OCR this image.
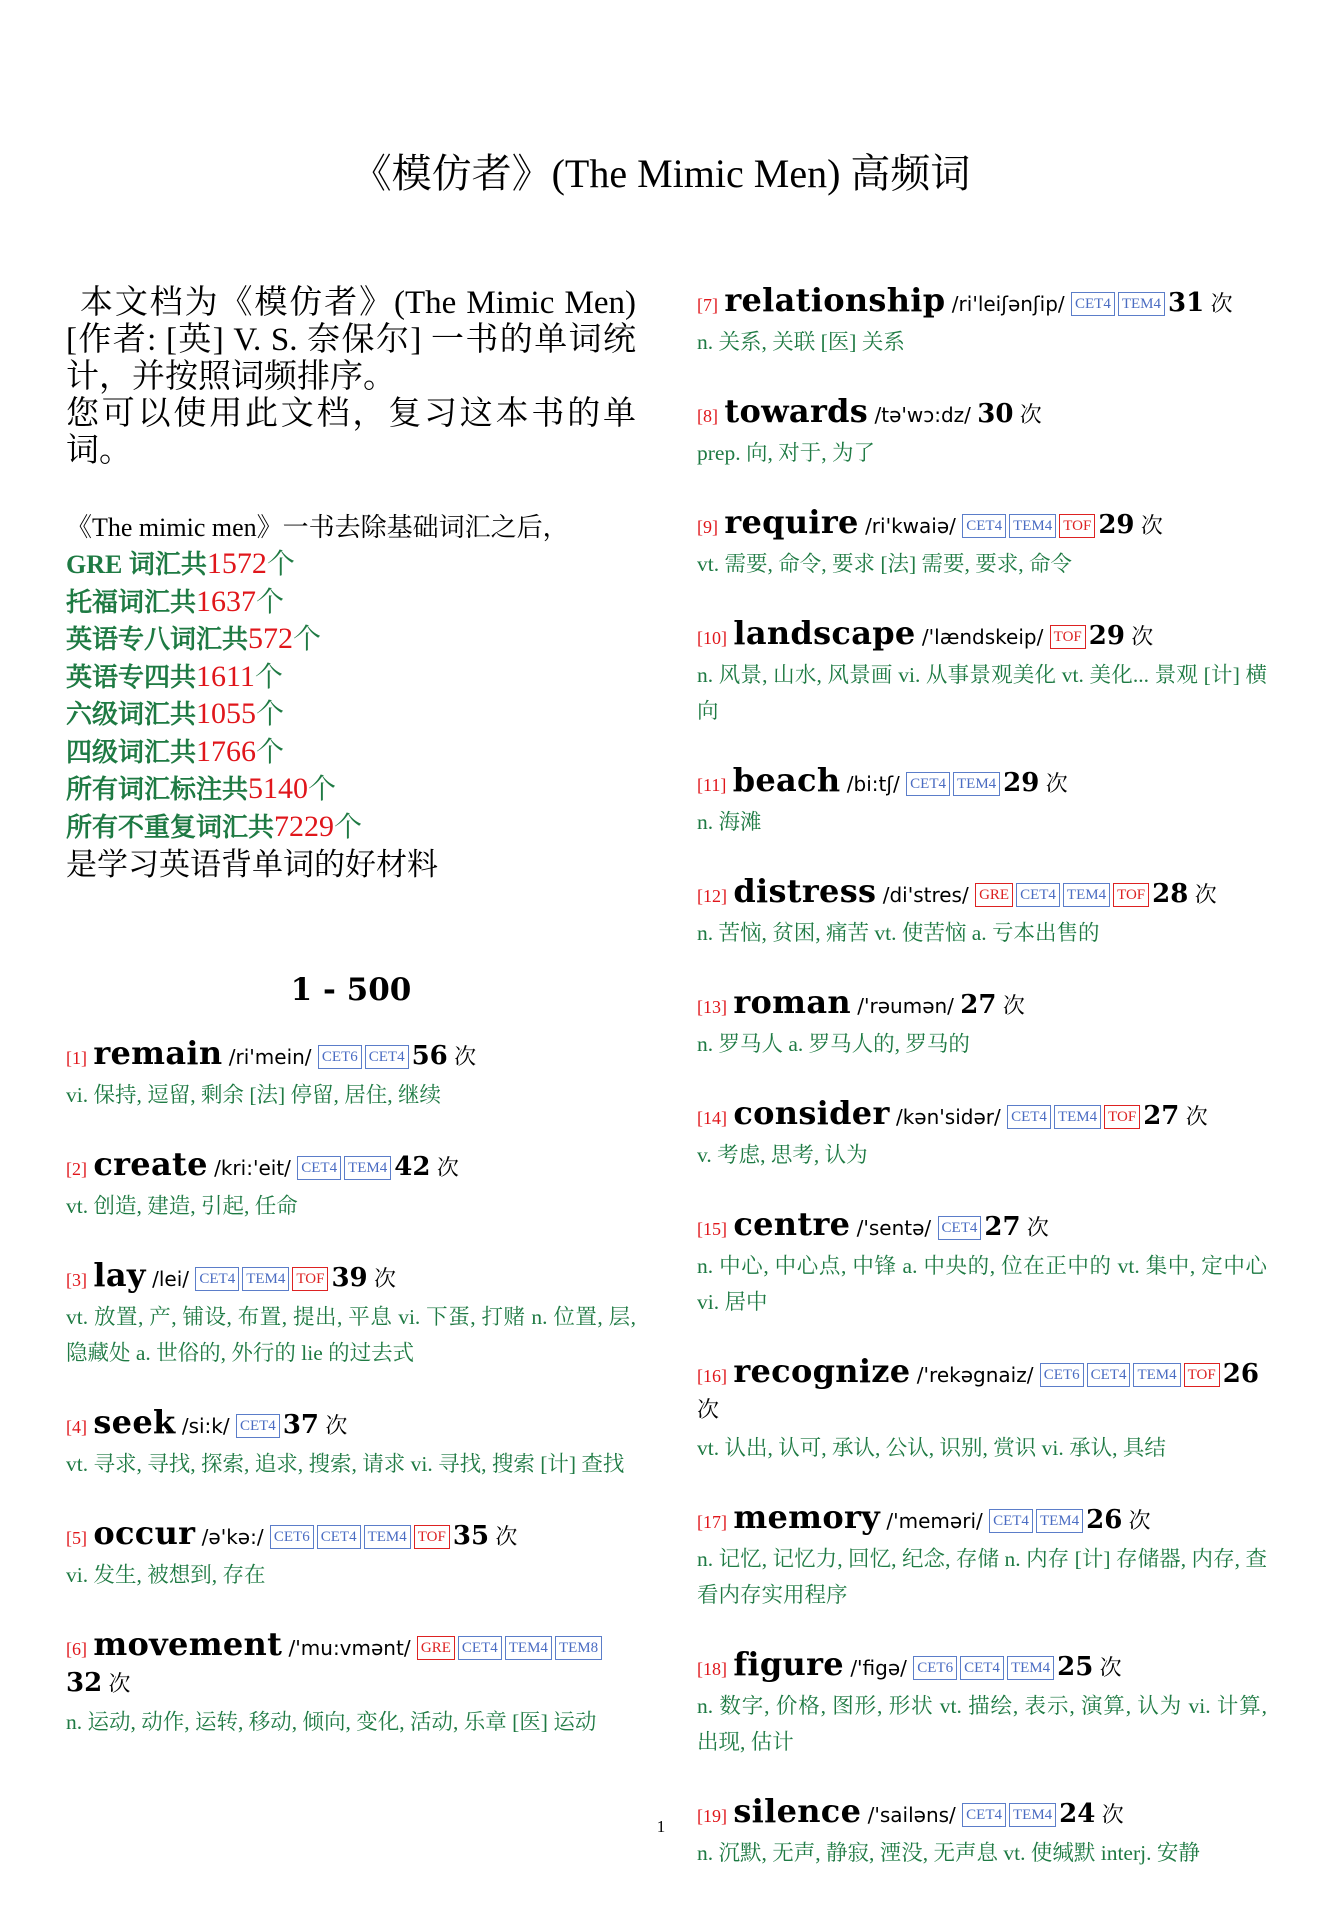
《模仿者》(The Mimic Men) 高频词

本文档为《模仿者》(The Mimic Men)[作者: [英] V. S. 奈保尔] 一书的单词统计，并按照词频排序。

您可以使用此文档，复习这本书的单词。

《The mimic men》一书去除基础词汇之后，
GRE 词汇共1572个
托福词汇共1637个
英语专八词汇共572个
英语专四共1611个
六级词汇共1055个
四级词汇共1766个
所有词汇标注共5140个
所有不重复词汇共7229个
是学习英语背单词的好材料
1 - 500
[1] remain /ri'mein/ CET6 CET4 56 次
vi. 保持, 逗留, 剩余 [法] 停留, 居住, 继续
[2] create /kri:'eit/ CET4 TEM4 42 次
vt. 创造, 建造, 引起, 任命
[3] lay /lei/ CET4 TEM4 TOF 39 次
vt. 放置, 产, 铺设, 布置, 提出, 平息 vi. 下蛋, 打赌 n. 位置, 层, 隐藏处 a. 世俗的, 外行的 lie 的过去式
[4] seek /si:k/ CET4 37 次
vt. 寻求, 寻找, 探索, 追求, 搜索, 请求 vi. 寻找, 搜索 [计] 查找
[5] occur /ə'kə:/ CET6 CET4 TEM4 TOF 35 次
vi. 发生, 被想到, 存在
[6] movement /'mu:vmənt/ GRE CET4 TEM4 TEM832 次
n. 运动, 动作, 运转, 移动, 倾向, 变化, 活动, 乐章 [医] 运动
[7] relationship /ri'leiʃənʃip/ CET4 TEM4 31 次
n. 关系, 关联 [医] 关系
[8] towards /tə'wɔ:dz/ 30 次
prep. 向, 对于, 为了
[9] require /ri'kwaiə/ CET4 TEM4 TOF 29 次
vt. 需要, 命令, 要求 [法] 需要, 要求, 命令
[10] landscape /'lændskeip/ TOF 29 次
n. 风景, 山水, 风景画 vi. 从事景观美化 vt. 美化... 景观 [计] 横向
[11] beach /bi:tʃ/ CET4 TEM4 29 次
n. 海滩
[12] distress /di'stres/ GRE CET4 TEM4 TOF 28 次
n. 苦恼, 贫困, 痛苦 vt. 使苦恼 a. 亏本出售的
[13] roman /'rəumən/ 27 次
n. 罗马人 a. 罗马人的, 罗马的
[14] consider /kən'sidər/ CET4 TEM4 TOF 27 次
v. 考虑, 思考, 认为
[15] centre /'sentə/ CET4 27 次
n. 中心, 中心点, 中锋 a. 中央的, 位在正中的 vt. 集中, 定中心 vi. 居中
[16] recognize /'rekəgnaiz/ CET6 CET4 TEM4 TOF 26 次
vt. 认出, 认可, 承认, 公认, 识别, 赏识 vi. 承认, 具结
[17] memory /'meməri/ CET4 TEM4 26 次
n. 记忆, 记忆力, 回忆, 纪念, 存储 n. 内存 [计] 存储器, 内存, 查看内存实用程序
[18] figure /'figə/ CET6 CET4 TEM4 25 次
n. 数字, 价格, 图形, 形状 vt. 描绘, 表示, 演算, 认为 vi. 计算, 出现, 估计
[19] silence /'sailəns/ CET4 TEM4 24 次
n. 沉默, 无声, 静寂, 湮没, 无声息 vt. 使缄默 interj. 安静
1
